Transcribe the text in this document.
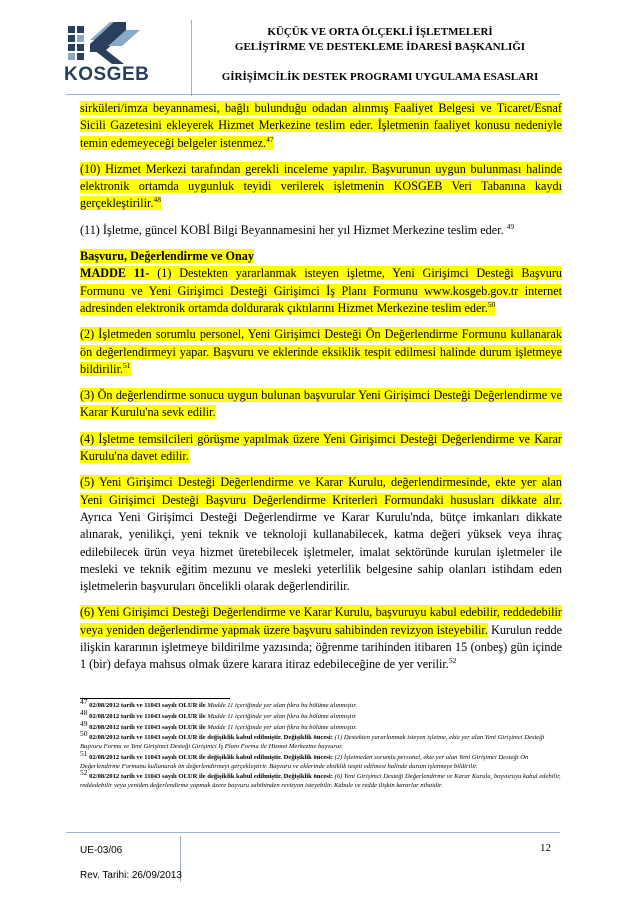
KOSGEB
KÜÇÜK VE ORTA ÖLÇEKLİ İŞLETMELERİ
GELİŞTİRME VE DESTEKLEME İDARESİ BAŞKANLIĞI
GİRİŞİMCİLİK DESTEK PROGRAMI UYGULAMA ESASLARI

sirküleri/imza beyannamesi, bağlı bulunduğu odadan alınmış Faaliyet Belgesi ve Ticaret/Esnaf Sicili Gazetesini ekleyerek Hizmet Merkezine teslim eder. İşletmenin faaliyet konusu nedeniyle temin edemeyeceği belgeler istenmez.$^{47}$

(10) Hizmet Merkezi tarafından gerekli inceleme yapılır. Başvurunun uygun bulunması halinde elektronik ortamda uygunluk teyidi verilerek işletmenin KOSGEB Veri Tabanına kaydı gerçekleştirilir.$^{48}$

(11) İşletme, güncel KOBİ Bilgi Beyannamesini her yıl Hizmet Merkezine teslim eder. $^{49}$

Başvuru, Değerlendirme ve Onay

MADDE 11- (1) Destekten yararlanmak isteyen işletme, Yeni Girişimci Desteği Başvuru Formunu ve Yeni Girişimci Desteği Girişimci İş Planı Formunu www.kosgeb.gov.tr internet adresinden elektronik ortamda doldurarak çıktılarını Hizmet Merkezine teslim eder.$^{50}$

(2) İşletmeden sorumlu personel, Yeni Girişimci Desteği Ön Değerlendirme Formunu kullanarak ön değerlendirmeyi yapar. Başvuru ve eklerinde eksiklik tespit edilmesi halinde durum işletmeye bildirilir.$^{51}$

(3) Ön değerlendirme sonucu uygun bulunan başvurular Yeni Girişimci Desteği Değerlendirme ve Karar Kurulu'na sevk edilir.

(4) İşletme temsilcileri görüşme yapılmak üzere Yeni Girişimci Desteği Değerlendirme ve Karar Kurulu'na davet edilir.

(5) Yeni Girişimci Desteği Değerlendirme ve Karar Kurulu, değerlendirmesinde, ekte yer alan Yeni Girişimci Desteği Başvuru Değerlendirme Kriterleri Formundaki hususları dikkate alır. Ayrıca Yeni Girişimci Desteği Değerlendirme ve Karar Kurulu'nda, bütçe imkanları dikkate alınarak, yenilikçi, yeni teknik ve teknoloji kullanabilecek, katma değeri yüksek veya ihraç edilebilecek ürün veya hizmet üretebilecek işletmeler, imalat sektöründe kurulan işletmeler ile mesleki ve teknik eğitim mezunu ve mesleki yeterlilik belgesine sahip olanları istihdam eden işletmelerin başvuruları öncelikli olarak değerlendirilir.

(6) Yeni Girişimci Desteği Değerlendirme ve Karar Kurulu, başvuruyu kabul edebilir, reddedebilir veya yeniden değerlendirme yapmak üzere başvuru sahibinden revizyon isteyebilir. Kurulun redde ilişkin kararının işletmeye bildirilme yazısında; öğrenme tarihinden itibaren 15 (onbeş) gün içinde 1 (bir) defaya mahsus olmak üzere karara itiraz edebileceğine de yer verilir.$^{52}$

$^{47}$ 02/08/2012 tarih ve 11043 sayılı OLUR ile Madde 11 içeriğinde yer alan fıkra bu bölüme alınmıştır.
$^{48}$ 02/08/2012 tarih ve 11043 sayılı OLUR ile Madde 11 içeriğinde yer alan fıkra bu bölüme alınmıştır.
$^{49}$ 02/08/2012 tarih ve 11043 sayılı OLUR ile Madde 11 içeriğinde yer alan fıkra bu bölüme alınmıştır.
$^{50}$ 02/08/2012 tarih ve 11043 sayılı OLUR ile değişiklik kabul edilmiştir. Değişiklik öncesi: (1) Destekten yararlanmak isteyen işletme, ekte yer alan Yeni Girişimci Desteği Başvuru Formu ve Yeni Girişimci Desteği Girişimci İş Planı Formu ile Hizmet Merkezine başvurur.
$^{51}$ 02/08/2012 tarih ve 11043 sayılı OLUR ile değişiklik kabul edilmiştir. Değişiklik öncesi: (2) İşletmeden sorumlu personel, ekte yer alan Yeni Girişimci Desteği Ön Değerlendirme Formunu kullanarak ön değerlendirmeyi gerçekleştirir. Başvuru ve eklerinde eksiklik tespit edilmesi halinde durum işletmeye bildirilir.
$^{52}$ 02/08/2012 tarih ve 11043 sayılı OLUR ile değişiklik kabul edilmiştir. Değişiklik öncesi: (6) Yeni Girişimci Desteği Değerlendirme ve Karar Kurulu, başvuruyu kabul edebilir, reddedebilir veya yeniden değerlendirme yapmak üzere başvuru sahibinden revizyon isteyebilir. Kabule ve redde ilişkin kararlar nihaidir.
UE-03/06
Rev. Tarihi: 26/09/2013
12
